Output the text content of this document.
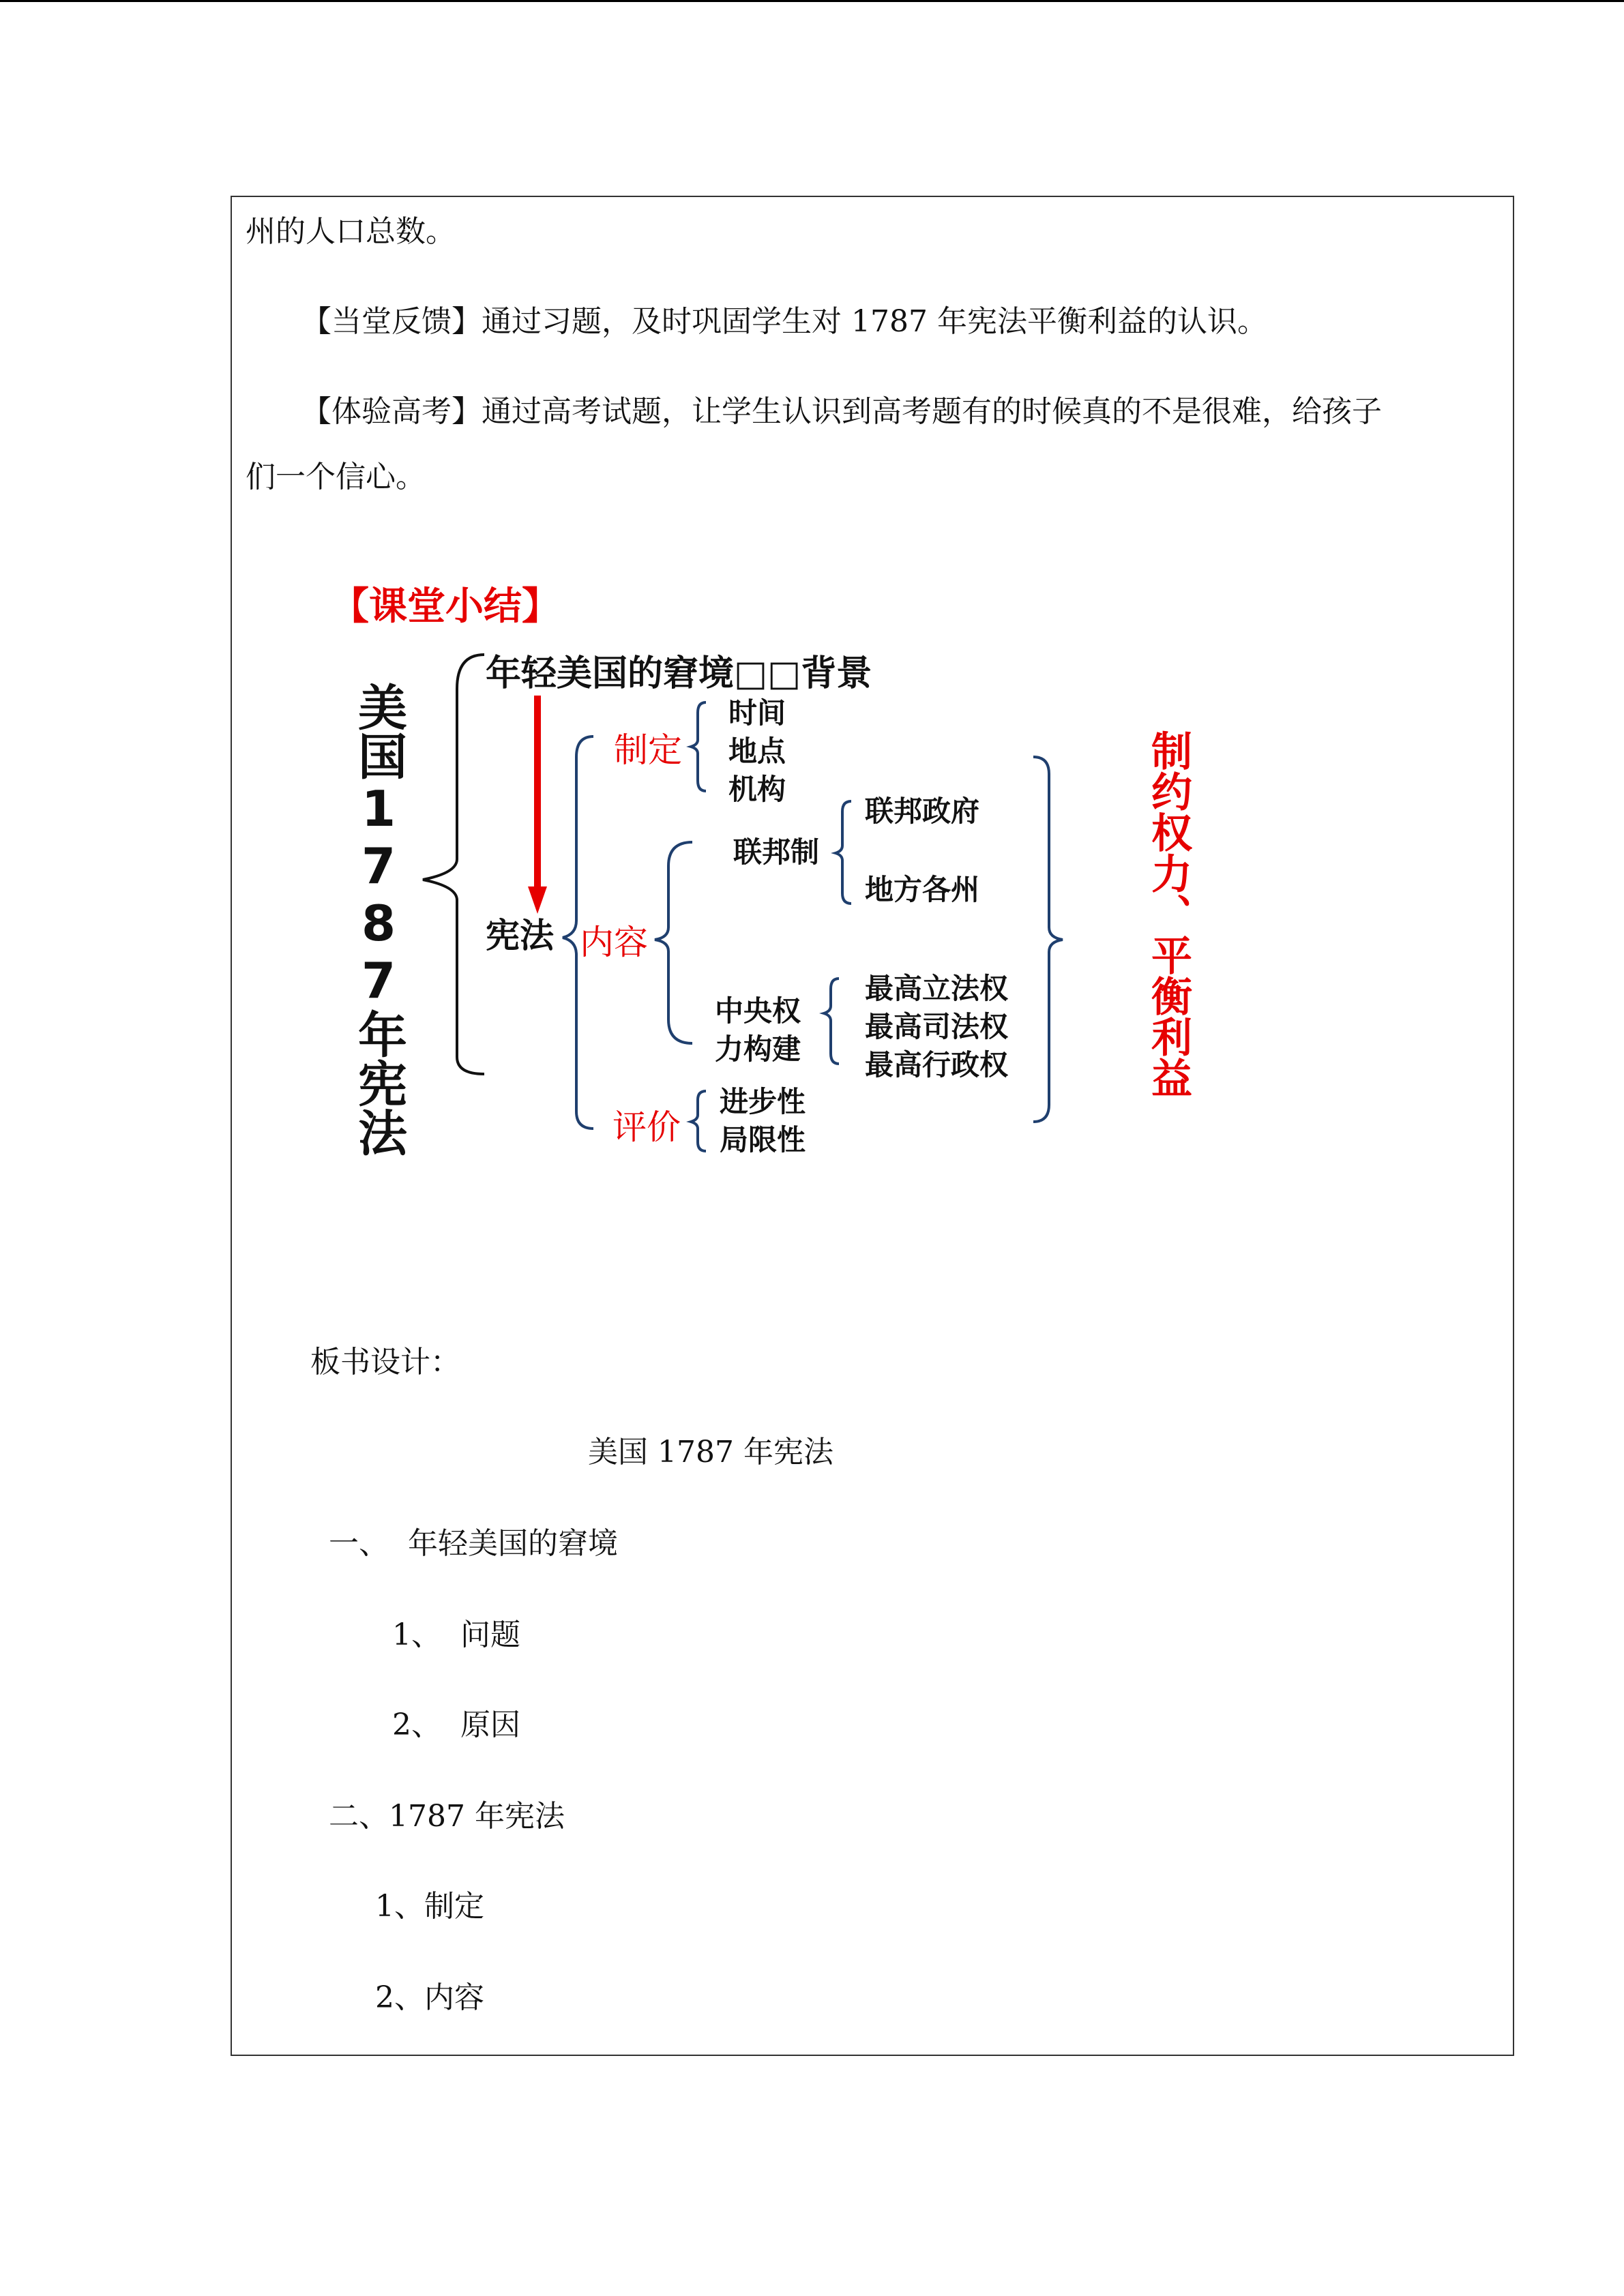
州的人口总数。
【当堂反馈】通过习题，及时巩固学生对 1787 年宪法平衡利益的认识。
【体验高考】通过高考试题，让学生认识到高考题有的时候真的不是很难，给孩子
们一个信心。
【课堂小结】
美国1787年宪法
年轻美国的窘境□□背景
宪法
制定
时间
地点
机构
内容
联邦制
联邦政府
地方各州
中央权
力构建
最高立法权
最高司法权
最高行政权
评价
进步性
局限性
制约权力、平衡利益
板书设计：
美国 1787 年宪法
一、  年轻美国的窘境
1、  问题
2、  原因
二、1787 年宪法
1、制定
2、内容
